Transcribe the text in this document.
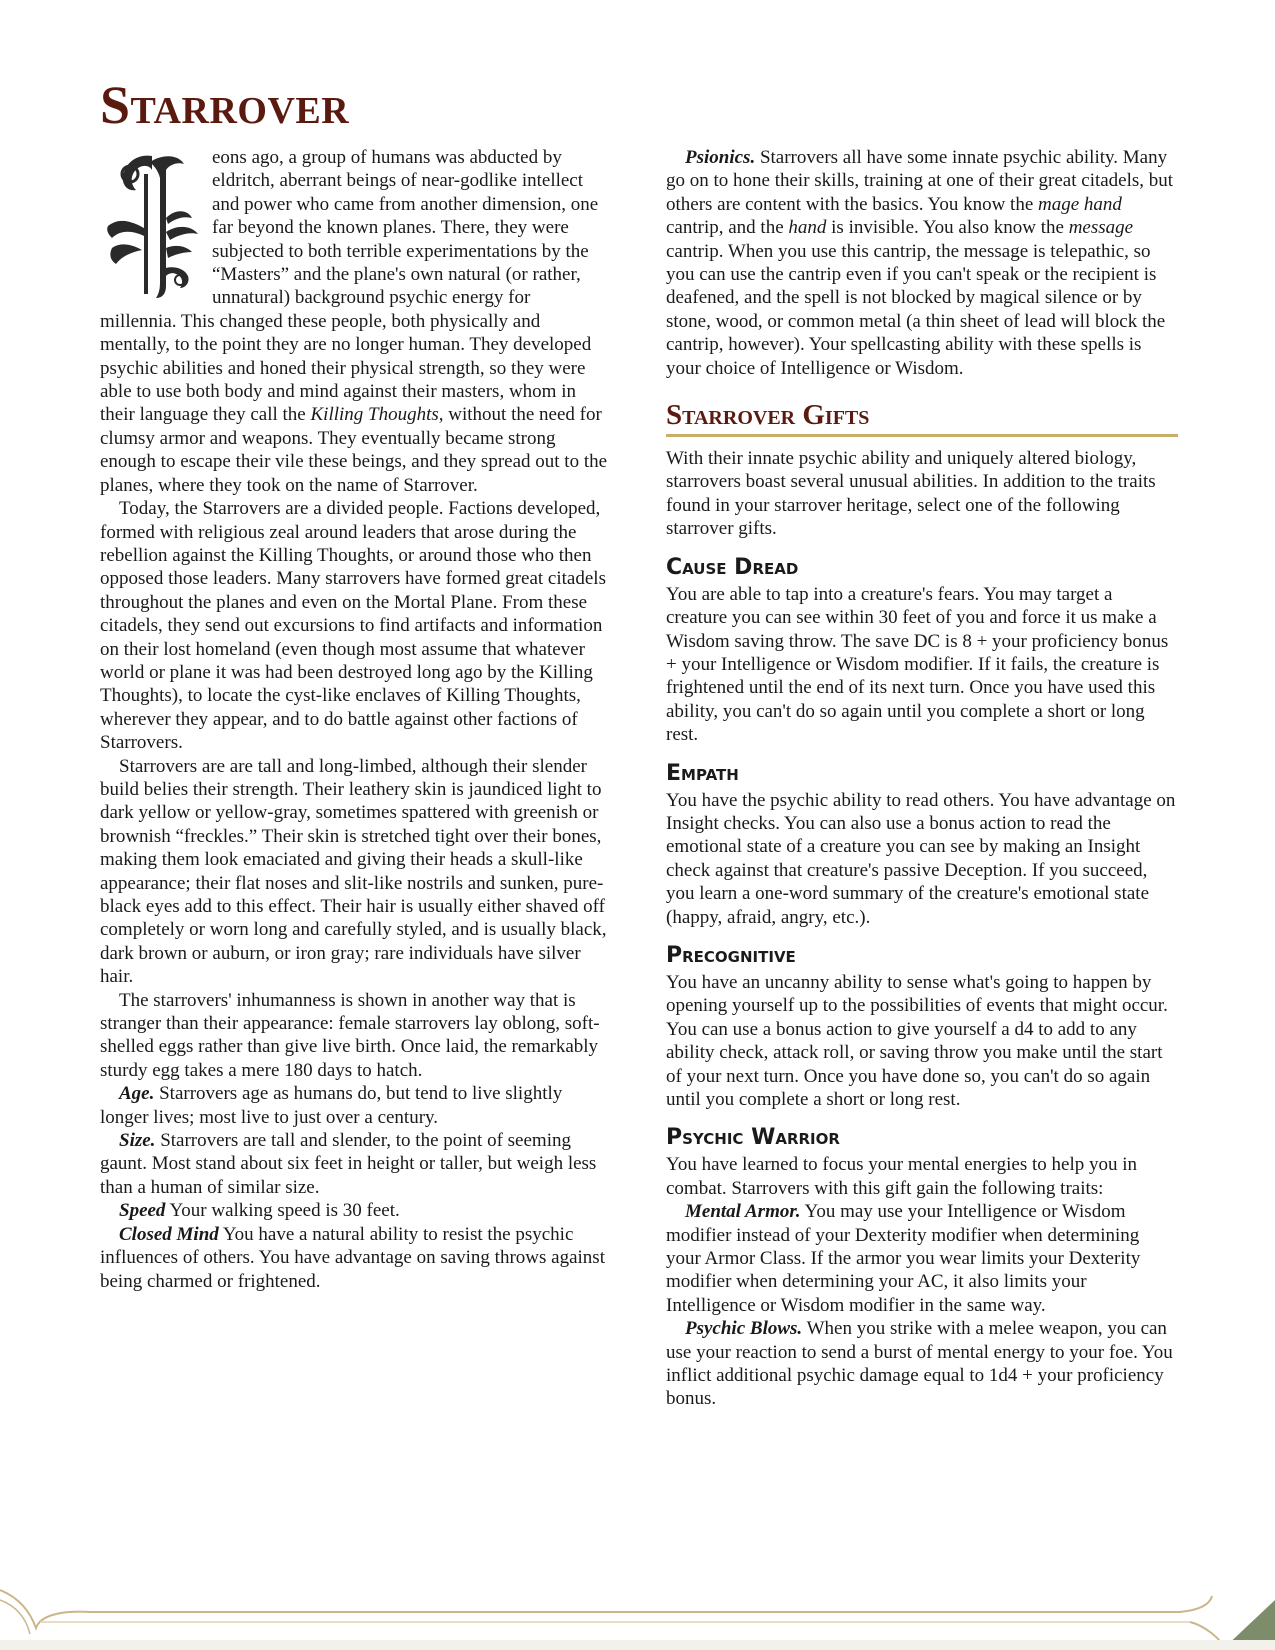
Starrover

eons ago, a group of humans was abducted by eldritch, aberrant beings of near-godlike intellect and power who came from another dimension, one far beyond the known planes. There, they were subjected to both terrible experimentations by the “Masters” and the plane's own natural (or rather, unnatural) background psychic energy for millennia. This changed these people, both physically and mentally, to the point they are no longer human. They developed psychic abilities and honed their physical strength, so they were able to use both body and mind against their masters, whom in their language they call the Killing Thoughts, without the need for clumsy armor and weapons. They eventually became strong enough to escape their vile these beings, and they spread out to the planes, where they took on the name of Starrover.

Today, the Starrovers are a divided people. Factions developed, formed with religious zeal around leaders that arose during the rebellion against the Killing Thoughts, or around those who then opposed those leaders. Many starrovers have formed great citadels throughout the planes and even on the Mortal Plane. From these citadels, they send out excursions to find artifacts and information on their lost homeland (even though most assume that whatever world or plane it was had been destroyed long ago by the Killing Thoughts), to locate the cyst-like enclaves of Killing Thoughts, wherever they appear, and to do battle against other factions of Starrovers.

Starrovers are are tall and long-limbed, although their slender build belies their strength. Their leathery skin is jaundiced light to dark yellow or yellow-gray, sometimes spattered with greenish or brownish “freckles.” Their skin is stretched tight over their bones, making them look emaciated and giving their heads a skull-like appearance; their flat noses and slit-like nostrils and sunken, pure-black eyes add to this effect. Their hair is usually either shaved off completely or worn long and carefully styled, and is usually black, dark brown or auburn, or iron gray; rare individuals have silver hair.

The starrovers' inhumanness is shown in another way that is stranger than their appearance: female starrovers lay oblong, soft-shelled eggs rather than give live birth. Once laid, the remarkably sturdy egg takes a mere 180 days to hatch.

Age. Starrovers age as humans do, but tend to live slightly longer lives; most live to just over a century.

Size. Starrovers are tall and slender, to the point of seeming gaunt. Most stand about six feet in height or taller, but weigh less than a human of similar size.

Speed Your walking speed is 30 feet.

Closed Mind You have a natural ability to resist the psychic influences of others. You have advantage on saving throws against being charmed or frightened.

Psionics. Starrovers all have some innate psychic ability. Many go on to hone their skills, training at one of their great citadels, but others are content with the basics. You know the mage hand cantrip, and the hand is invisible. You also know the message cantrip. When you use this cantrip, the message is telepathic, so you can use the cantrip even if you can't speak or the recipient is deafened, and the spell is not blocked by magical silence or by stone, wood, or common metal (a thin sheet of lead will block the cantrip, however). Your spellcasting ability with these spells is your choice of Intelligence or Wisdom.

Starrover Gifts

With their innate psychic ability and uniquely altered biology, starrovers boast several unusual abilities. In addition to the traits found in your starrover heritage, select one of the following starrover gifts.

Cause Dread

You are able to tap into a creature's fears. You may target a creature you can see within 30 feet of you and force it us make a Wisdom saving throw. The save DC is 8 + your proficiency bonus + your Intelligence or Wisdom modifier. If it fails, the creature is frightened until the end of its next turn. Once you have used this ability, you can't do so again until you complete a short or long rest.

Empath

You have the psychic ability to read others. You have advantage on Insight checks. You can also use a bonus action to read the emotional state of a creature you can see by making an Insight check against that creature's passive Deception. If you succeed, you learn a one-word summary of the creature's emotional state (happy, afraid, angry, etc.).

Precognitive

You have an uncanny ability to sense what's going to happen by opening yourself up to the possibilities of events that might occur. You can use a bonus action to give yourself a d4 to add to any ability check, attack roll, or saving throw you make until the start of your next turn. Once you have done so, you can't do so again until you complete a short or long rest.

Psychic Warrior

You have learned to focus your mental energies to help you in combat. Starrovers with this gift gain the following traits:

Mental Armor. You may use your Intelligence or Wisdom modifier instead of your Dexterity modifier when determining your Armor Class. If the armor you wear limits your Dexterity modifier when determining your AC, it also limits your Intelligence or Wisdom modifier in the same way.

Psychic Blows. When you strike with a melee weapon, you can use your reaction to send a burst of mental energy to your foe. You inflict additional psychic damage equal to 1d4 + your proficiency bonus.
